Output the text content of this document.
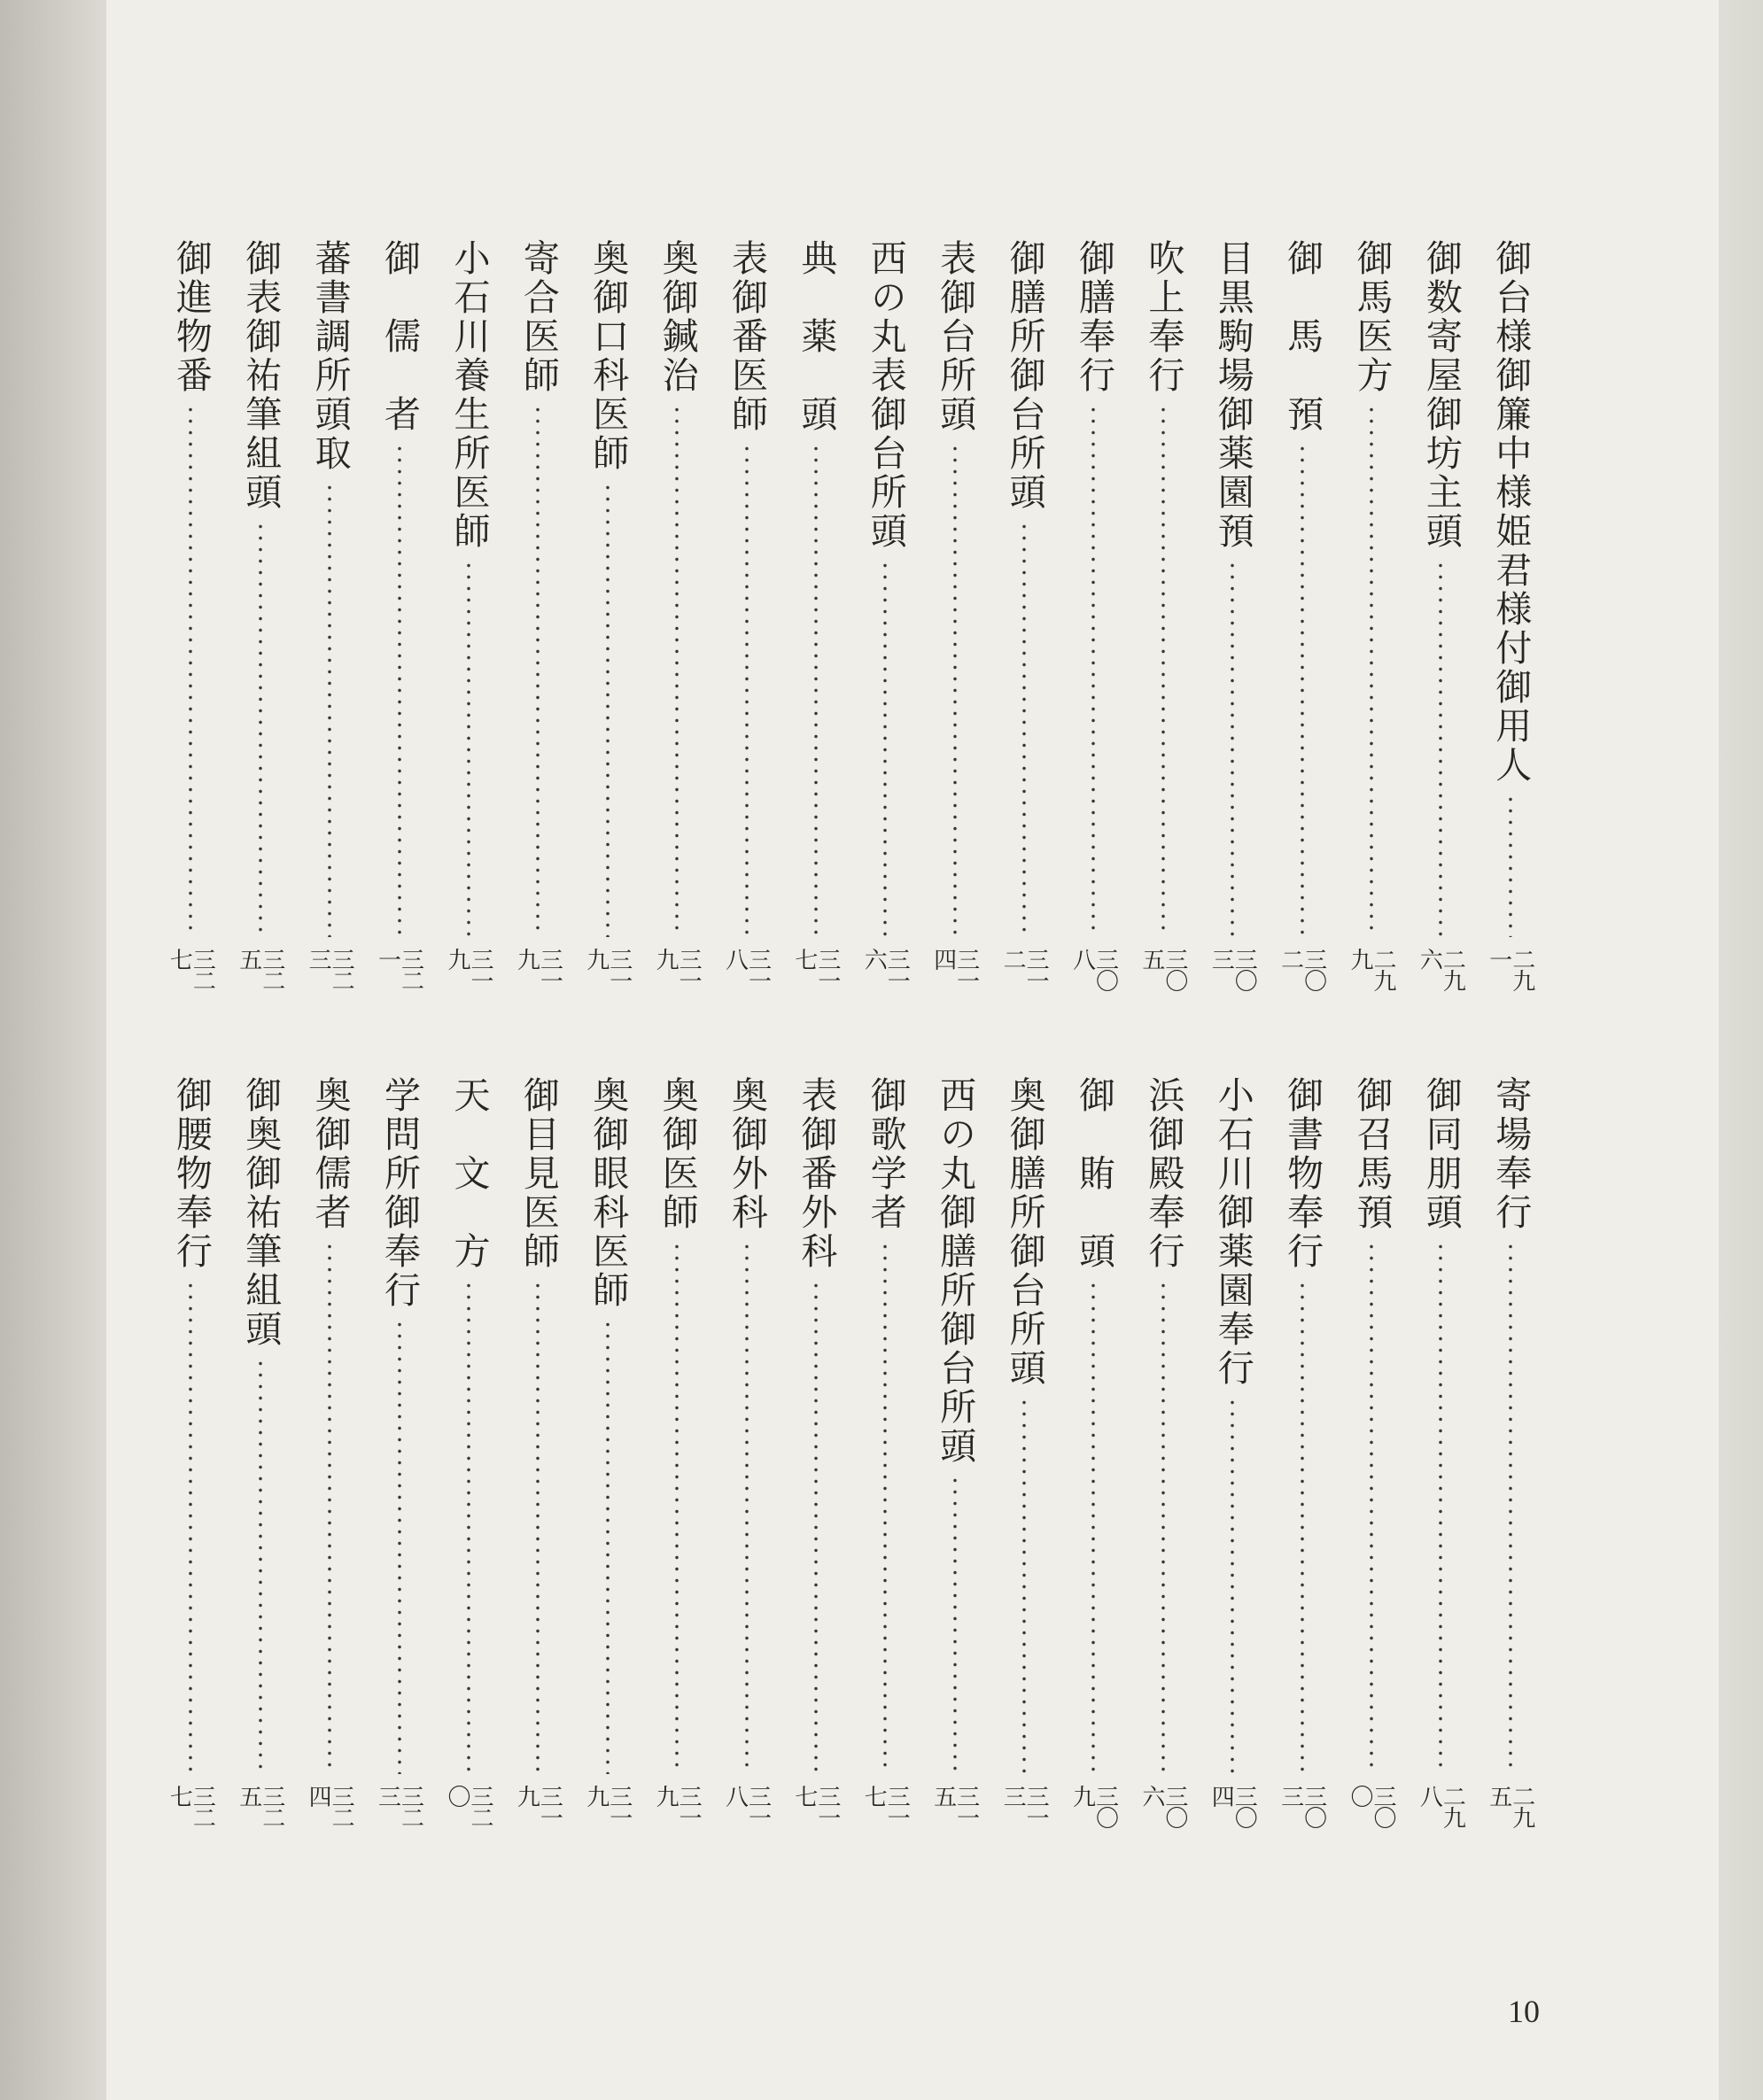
御台様御簾中様姫君様付御用人
二九一
御数寄屋御坊主頭
二九六
御馬医方
二九九
御　馬　預
三〇二
目黒駒場御薬園預
三〇三
吹上奉行
三〇五
御膳奉行
三〇八
御膳所御台所頭
三一二
表御台所頭
三一四
西の丸表御台所頭
三一六
典　薬　頭
三一七
表御番医師
三一八
奥御鍼治
三一九
奥御口科医師
三一九
寄合医師
三一九
小石川養生所医師
三一九
御　儒　者
三二一
蕃書調所頭取
三二三
御表御祐筆組頭
三二五
御進物番
三二七
寄場奉行
二九五
御同朋頭
二九八
御召馬預
三〇〇
御書物奉行
三〇三
小石川御薬園奉行
三〇四
浜御殿奉行
三〇六
御　賄　頭
三〇九
奥御膳所御台所頭
三一三
西の丸御膳所御台所頭
三一五
御歌学者
三一七
表御番外科
三一七
奥御外科
三一八
奥御医師
三一九
奥御眼科医師
三一九
御目見医師
三一九
天　文　方
三二〇
学問所御奉行
三二三
奥御儒者
三二四
御奥御祐筆組頭
三二五
御腰物奉行
三二七
10
